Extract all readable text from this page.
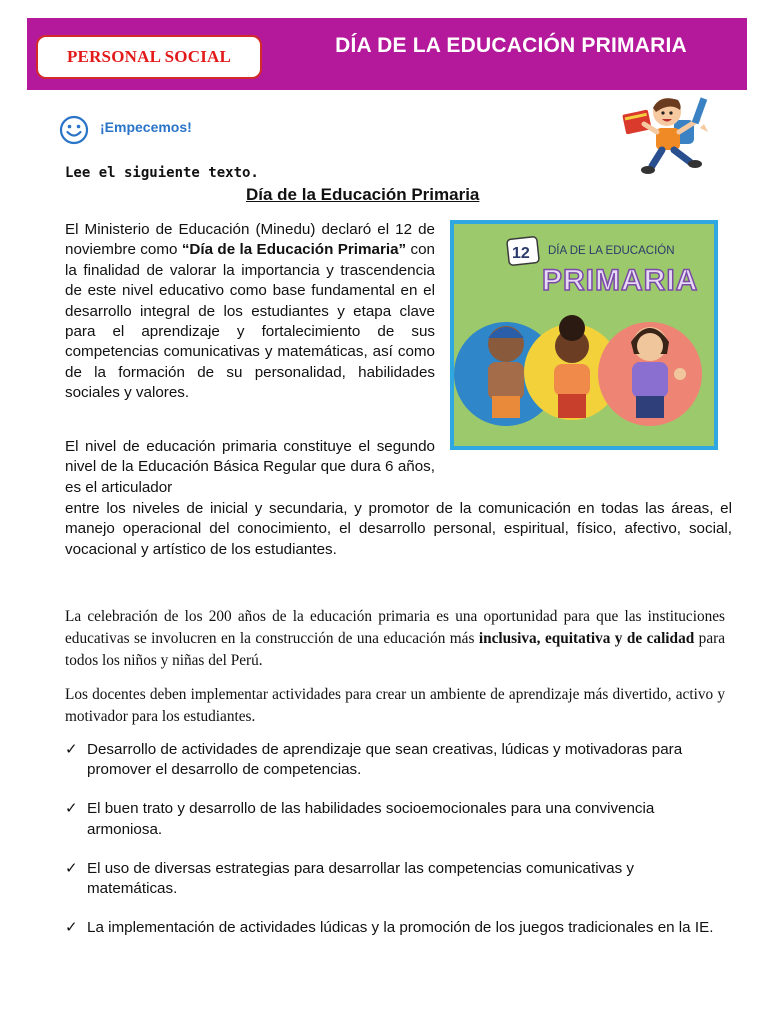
PERSONAL SOCIAL	DÍA DE LA EDUCACIÓN PRIMARIA
¡Empecemos!
Lee el siguiente texto.
Día de la Educación Primaria
El Ministerio de Educación (Minedu) declaró el 12 de noviembre como “Día de la Educación Primaria” con la finalidad de valorar la importancia y trascendencia de este nivel educativo como base fundamental en el desarrollo integral de los estudiantes y etapa clave para el aprendizaje y fortalecimiento de sus competencias comunicativas y matemáticas, así como de la formación de su personalidad, habilidades sociales y valores.
El nivel de educación primaria constituye el segundo nivel de la Educación Básica Regular que dura 6 años, es el articulador
entre los niveles de inicial y secundaria, y promotor de la comunicación en todas las áreas, el manejo operacional del conocimiento, el desarrollo personal, espiritual, físico, afectivo, social, vocacional y artístico de los estudiantes.
12 DÍA DE LA EDUCACIÓN
PRIMARIA
La celebración de los 200 años de la educación primaria es una oportunidad para que las instituciones educativas se involucren en la construcción de una educación más inclusiva, equitativa y de calidad para todos los niños y niñas del Perú.
Los docentes deben implementar actividades para crear un ambiente de aprendizaje más divertido, activo y motivador para los estudiantes.
✓ Desarrollo de actividades de aprendizaje que sean creativas, lúdicas y motivadoras para promover el desarrollo de competencias.
✓ El buen trato y desarrollo de las habilidades socioemocionales para una convivencia armoniosa.
✓ El uso de diversas estrategias para desarrollar las competencias comunicativas y matemáticas.
✓ La implementación de actividades lúdicas y la promoción de los juegos tradicionales en la IE.
